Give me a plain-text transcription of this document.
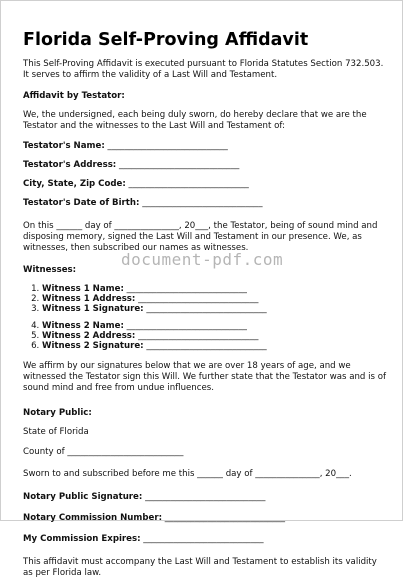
Florida Self-Proving Affidavit

This Self-Proving Affidavit is executed pursuant to Florida Statutes Section 732.503. It serves to affirm the validity of a Last Will and Testament.

Affidavit by Testator:

We, the undersigned, each being duly sworn, do hereby declare that we are the Testator and the witnesses to the Last Will and Testament of:

Testator's Name: ____________________________

Testator's Address: ____________________________

City, State, Zip Code: ____________________________

Testator's Date of Birth: ____________________________

On this ______ day of _______________, 20___, the Testator, being of sound mind and disposing memory, signed the Last Will and Testament in our presence. We, as witnesses, then subscribed our names as witnesses.

Witnesses:

1. Witness 1 Name: ____________________________
2. Witness 1 Address: ____________________________
3. Witness 1 Signature: ____________________________
4. Witness 2 Name: ____________________________
5. Witness 2 Address: ____________________________
6. Witness 2 Signature: ____________________________

We affirm by our signatures below that we are over 18 years of age, and we witnessed the Testator sign this Will. We further state that the Testator was and is of sound mind and free from undue influences.

Notary Public:

State of Florida

County of ___________________________

Sworn to and subscribed before me this ______ day of _______________, 20___.

Notary Public Signature: ____________________________

Notary Commission Number: ____________________________

My Commission Expires: ____________________________

This affidavit must accompany the Last Will and Testament to establish its validity as per Florida law.

document-pdf.com
